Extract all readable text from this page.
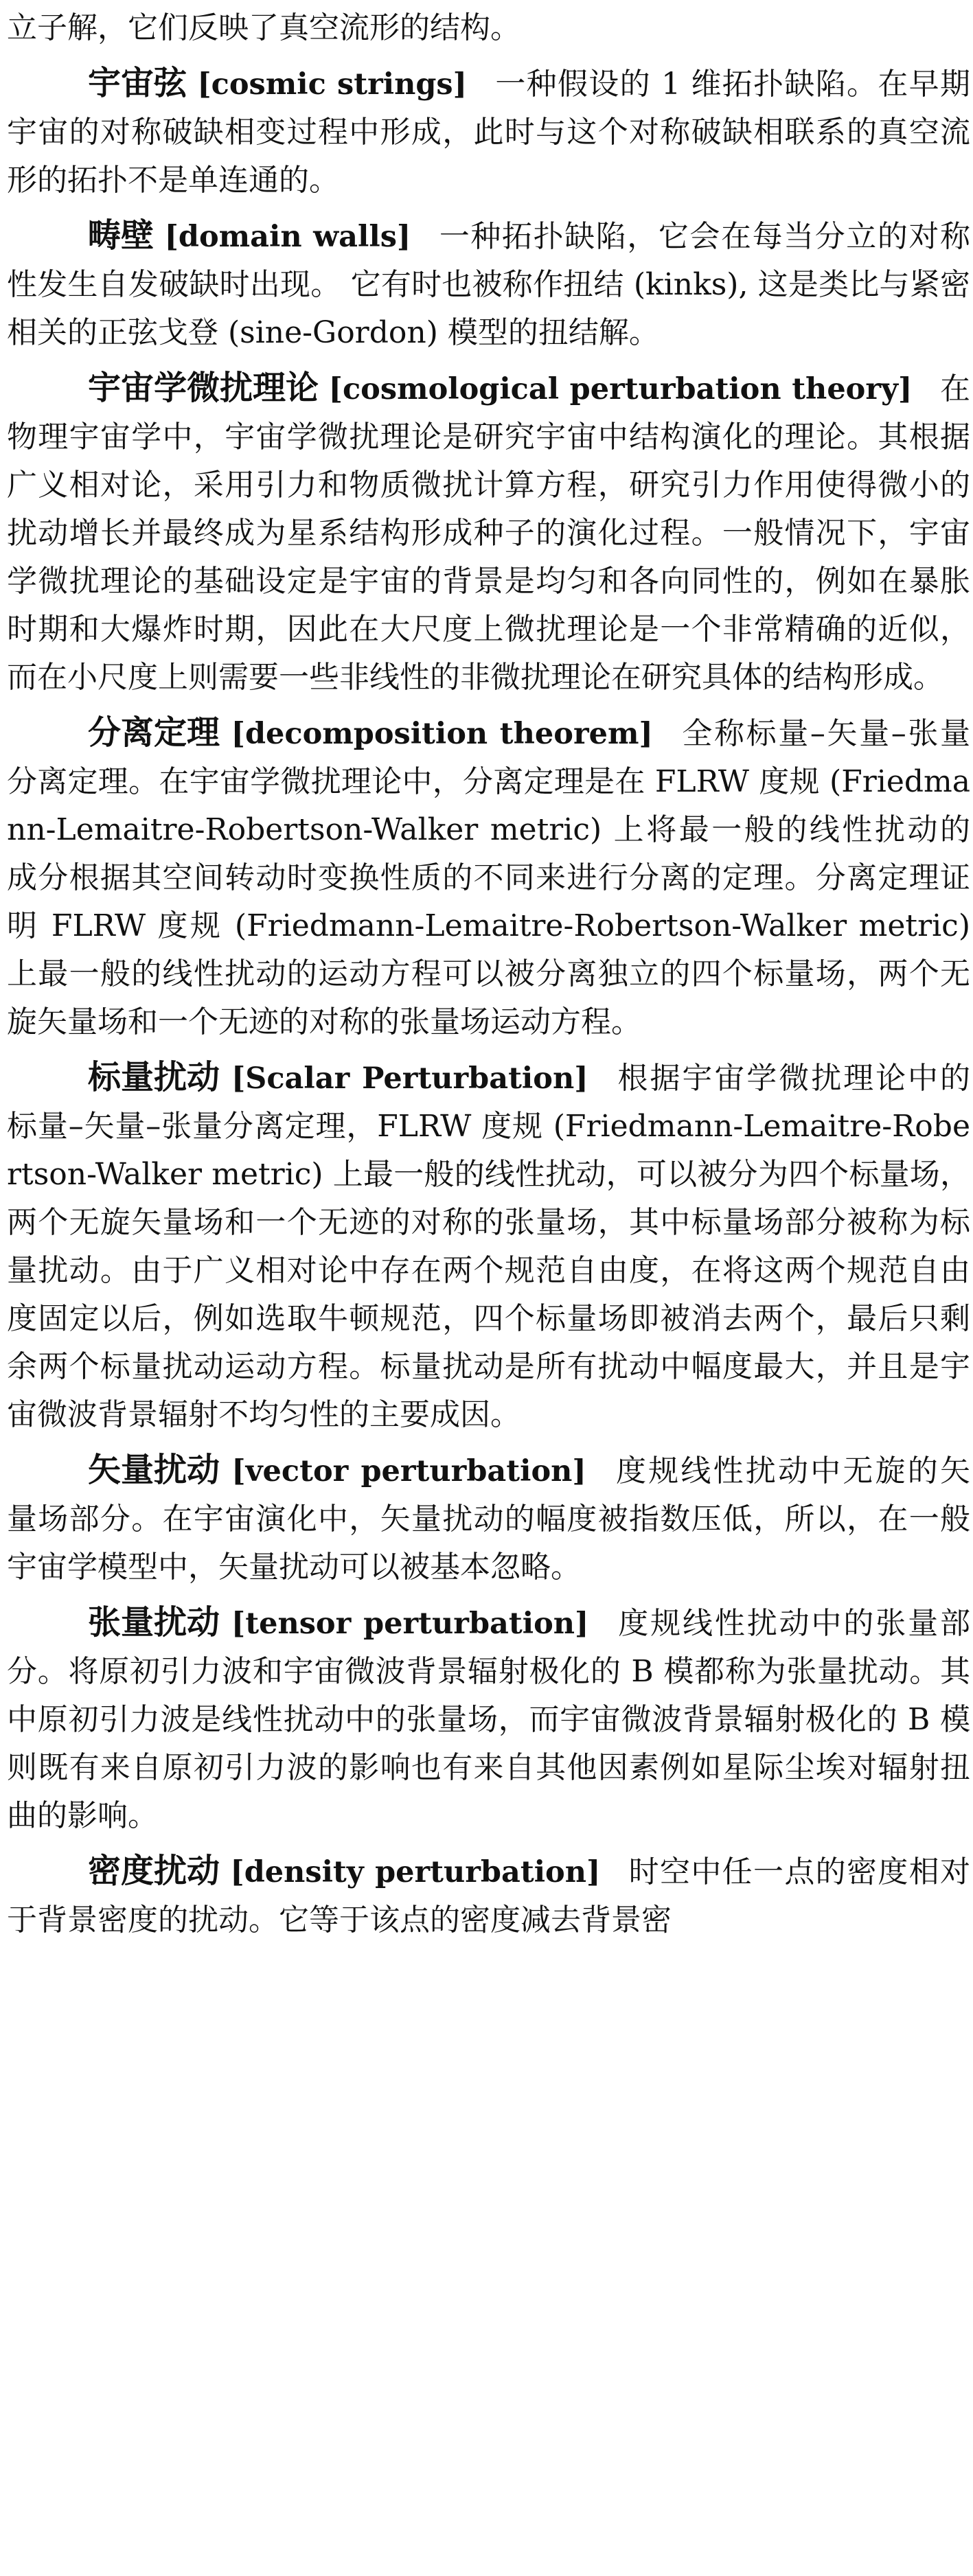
立子解，它们反映了真空流形的结构。

宇宙弦 [cosmic strings] 一种假设的 1 维拓扑缺陷。在早期宇宙的对称破缺相变过程中形成，此时与这个对称破缺相联系的真空流形的拓扑不是单连通的。

畴壁 [domain walls] 一种拓扑缺陷，它会在每当分立的对称性发生自发破缺时出现。 它有时也被称作扭结 (kinks), 这是类比与紧密相关的正弦戈登 (sine-Gordon) 模型的扭结解。

宇宙学微扰理论 [cosmological perturbation theory] 在物理宇宙学中，宇宙学微扰理论是研究宇宙中结构演化的理论。其根据广义相对论，采用引力和物质微扰计算方程，研究引力作用使得微小的扰动增长并最终成为星系结构形成种子的演化过程。一般情况下，宇宙学微扰理论的基础设定是宇宙的背景是均匀和各向同性的，例如在暴胀时期和大爆炸时期，因此在大尺度上微扰理论是一个非常精确的近似，而在小尺度上则需要一些非线性的非微扰理论在研究具体的结构形成。

分离定理 [decomposition theorem] 全称标量–矢量–张量分离定理。在宇宙学微扰理论中，分离定理是在 FLRW 度规 (Friedmann-Lemaitre-Robertson-Walker metric) 上将最一般的线性扰动的成分根据其空间转动时变换性质的不同来进行分离的定理。分离定理证明 FLRW 度规 (Friedmann-Lemaitre-Robertson-Walker metric) 上最一般的线性扰动的运动方程可以被分离独立的四个标量场，两个无旋矢量场和一个无迹的对称的张量场运动方程。

标量扰动 [Scalar Perturbation] 根据宇宙学微扰理论中的标量–矢量–张量分离定理，FLRW 度规 (Friedmann-Lemaitre-Robertson-Walker metric) 上最一般的线性扰动，可以被分为四个标量场，两个无旋矢量场和一个无迹的对称的张量场，其中标量场部分被称为标量扰动。由于广义相对论中存在两个规范自由度，在将这两个规范自由度固定以后，例如选取牛顿规范，四个标量场即被消去两个，最后只剩余两个标量扰动运动方程。标量扰动是所有扰动中幅度最大，并且是宇宙微波背景辐射不均匀性的主要成因。

矢量扰动 [vector perturbation] 度规线性扰动中无旋的矢量场部分。在宇宙演化中，矢量扰动的幅度被指数压低，所以，在一般宇宙学模型中，矢量扰动可以被基本忽略。

张量扰动 [tensor perturbation] 度规线性扰动中的张量部分。将原初引力波和宇宙微波背景辐射极化的 B 模都称为张量扰动。其中原初引力波是线性扰动中的张量场，而宇宙微波背景辐射极化的 B 模则既有来自原初引力波的影响也有来自其他因素例如星际尘埃对辐射扭曲的影响。

密度扰动 [density perturbation] 时空中任一点的密度相对于背景密度的扰动。它等于该点的密度减去背景密
